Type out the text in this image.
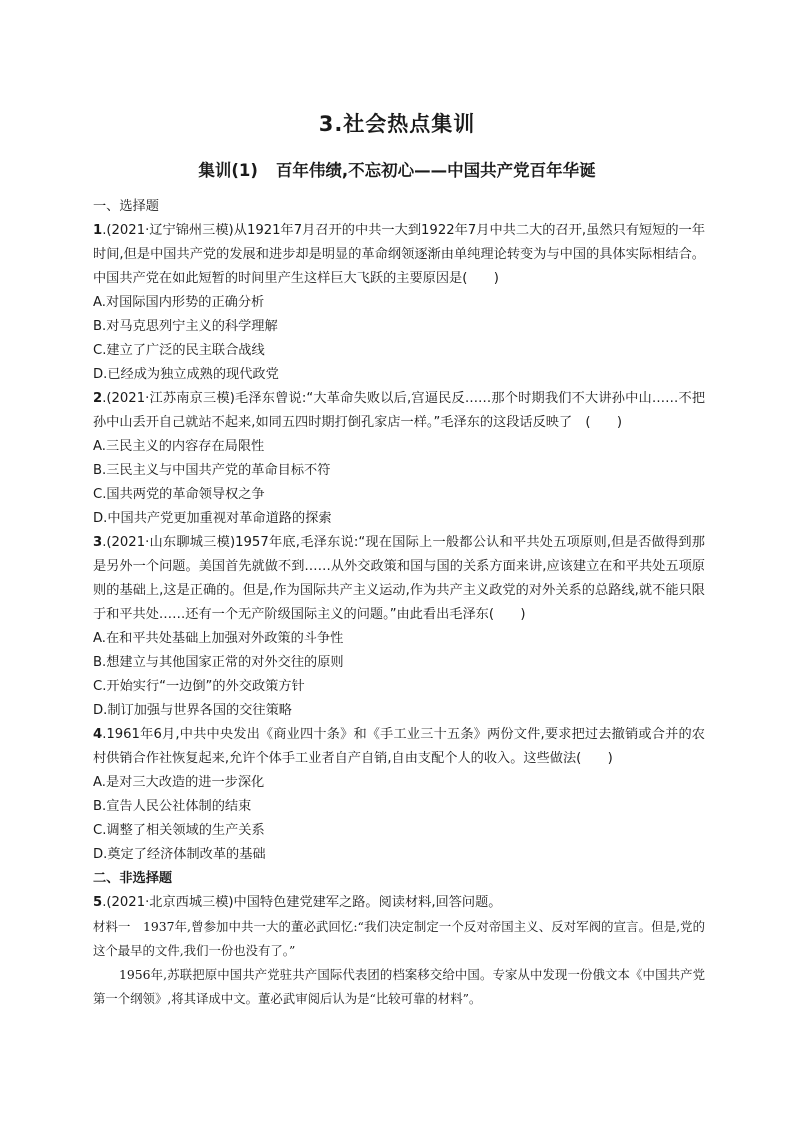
3.社会热点集训
集训(1) 百年伟绩,不忘初心——中国共产党百年华诞

一、选择题

1.(2021·辽宁锦州三模)从1921年7月召开的中共一大到1922年7月中共二大的召开,虽然只有短短的一年时间,但是中国共产党的发展和进步却是明显的革命纲领逐渐由单纯理论转变为与中国的具体实际相结合。中国共产党在如此短暂的时间里产生这样巨大飞跃的主要原因是(　　)

A.对国际国内形势的正确分析

B.对马克思列宁主义的科学理解

C.建立了广泛的民主联合战线

D.已经成为独立成熟的现代政党

2.(2021·江苏南京三模)毛泽东曾说:“大革命失败以后,宫逼民反……那个时期我们不大讲孙中山……不把孙中山丢开自己就站不起来,如同五四时期打倒孔家店一样。”毛泽东的这段话反映了　(　　)

A.三民主义的内容存在局限性

B.三民主义与中国共产党的革命目标不符

C.国共两党的革命领导权之争

D.中国共产党更加重视对革命道路的探索

3.(2021·山东聊城三模)1957年底,毛泽东说:“现在国际上一般都公认和平共处五项原则,但是否做得到那是另外一个问题。美国首先就做不到……从外交政策和国与国的关系方面来讲,应该建立在和平共处五项原则的基础上,这是正确的。但是,作为国际共产主义运动,作为共产主义政党的对外关系的总路线,就不能只限于和平共处……还有一个无产阶级国际主义的问题。”由此看出毛泽东(　　)

A.在和平共处基础上加强对外政策的斗争性

B.想建立与其他国家正常的对外交往的原则

C.开始实行“一边倒”的外交政策方针

D.制订加强与世界各国的交往策略

4.1961年6月,中共中央发出《商业四十条》和《手工业三十五条》两份文件,要求把过去撤销或合并的农村供销合作社恢复起来,允许个体手工业者自产自销,自由支配个人的收入。这些做法(　　)

A.是对三大改造的进一步深化

B.宣告人民公社体制的结束

C.调整了相关领域的生产关系

D.奠定了经济体制改革的基础

二、非选择题

5.(2021·北京西城三模)中国特色建党建军之路。阅读材料,回答问题。

材料一　 1937年,曾参加中共一大的董必武回忆:“我们决定制定一个反对帝国主义、反对军阀的宣言。但是,党的这个最早的文件,我们一份也没有了。”

1956年,苏联把原中国共产党驻共产国际代表团的档案移交给中国。专家从中发现一份俄文本《中国共产党第一个纲领》,将其译成中文。董必武审阅后认为是“比较可靠的材料”。
